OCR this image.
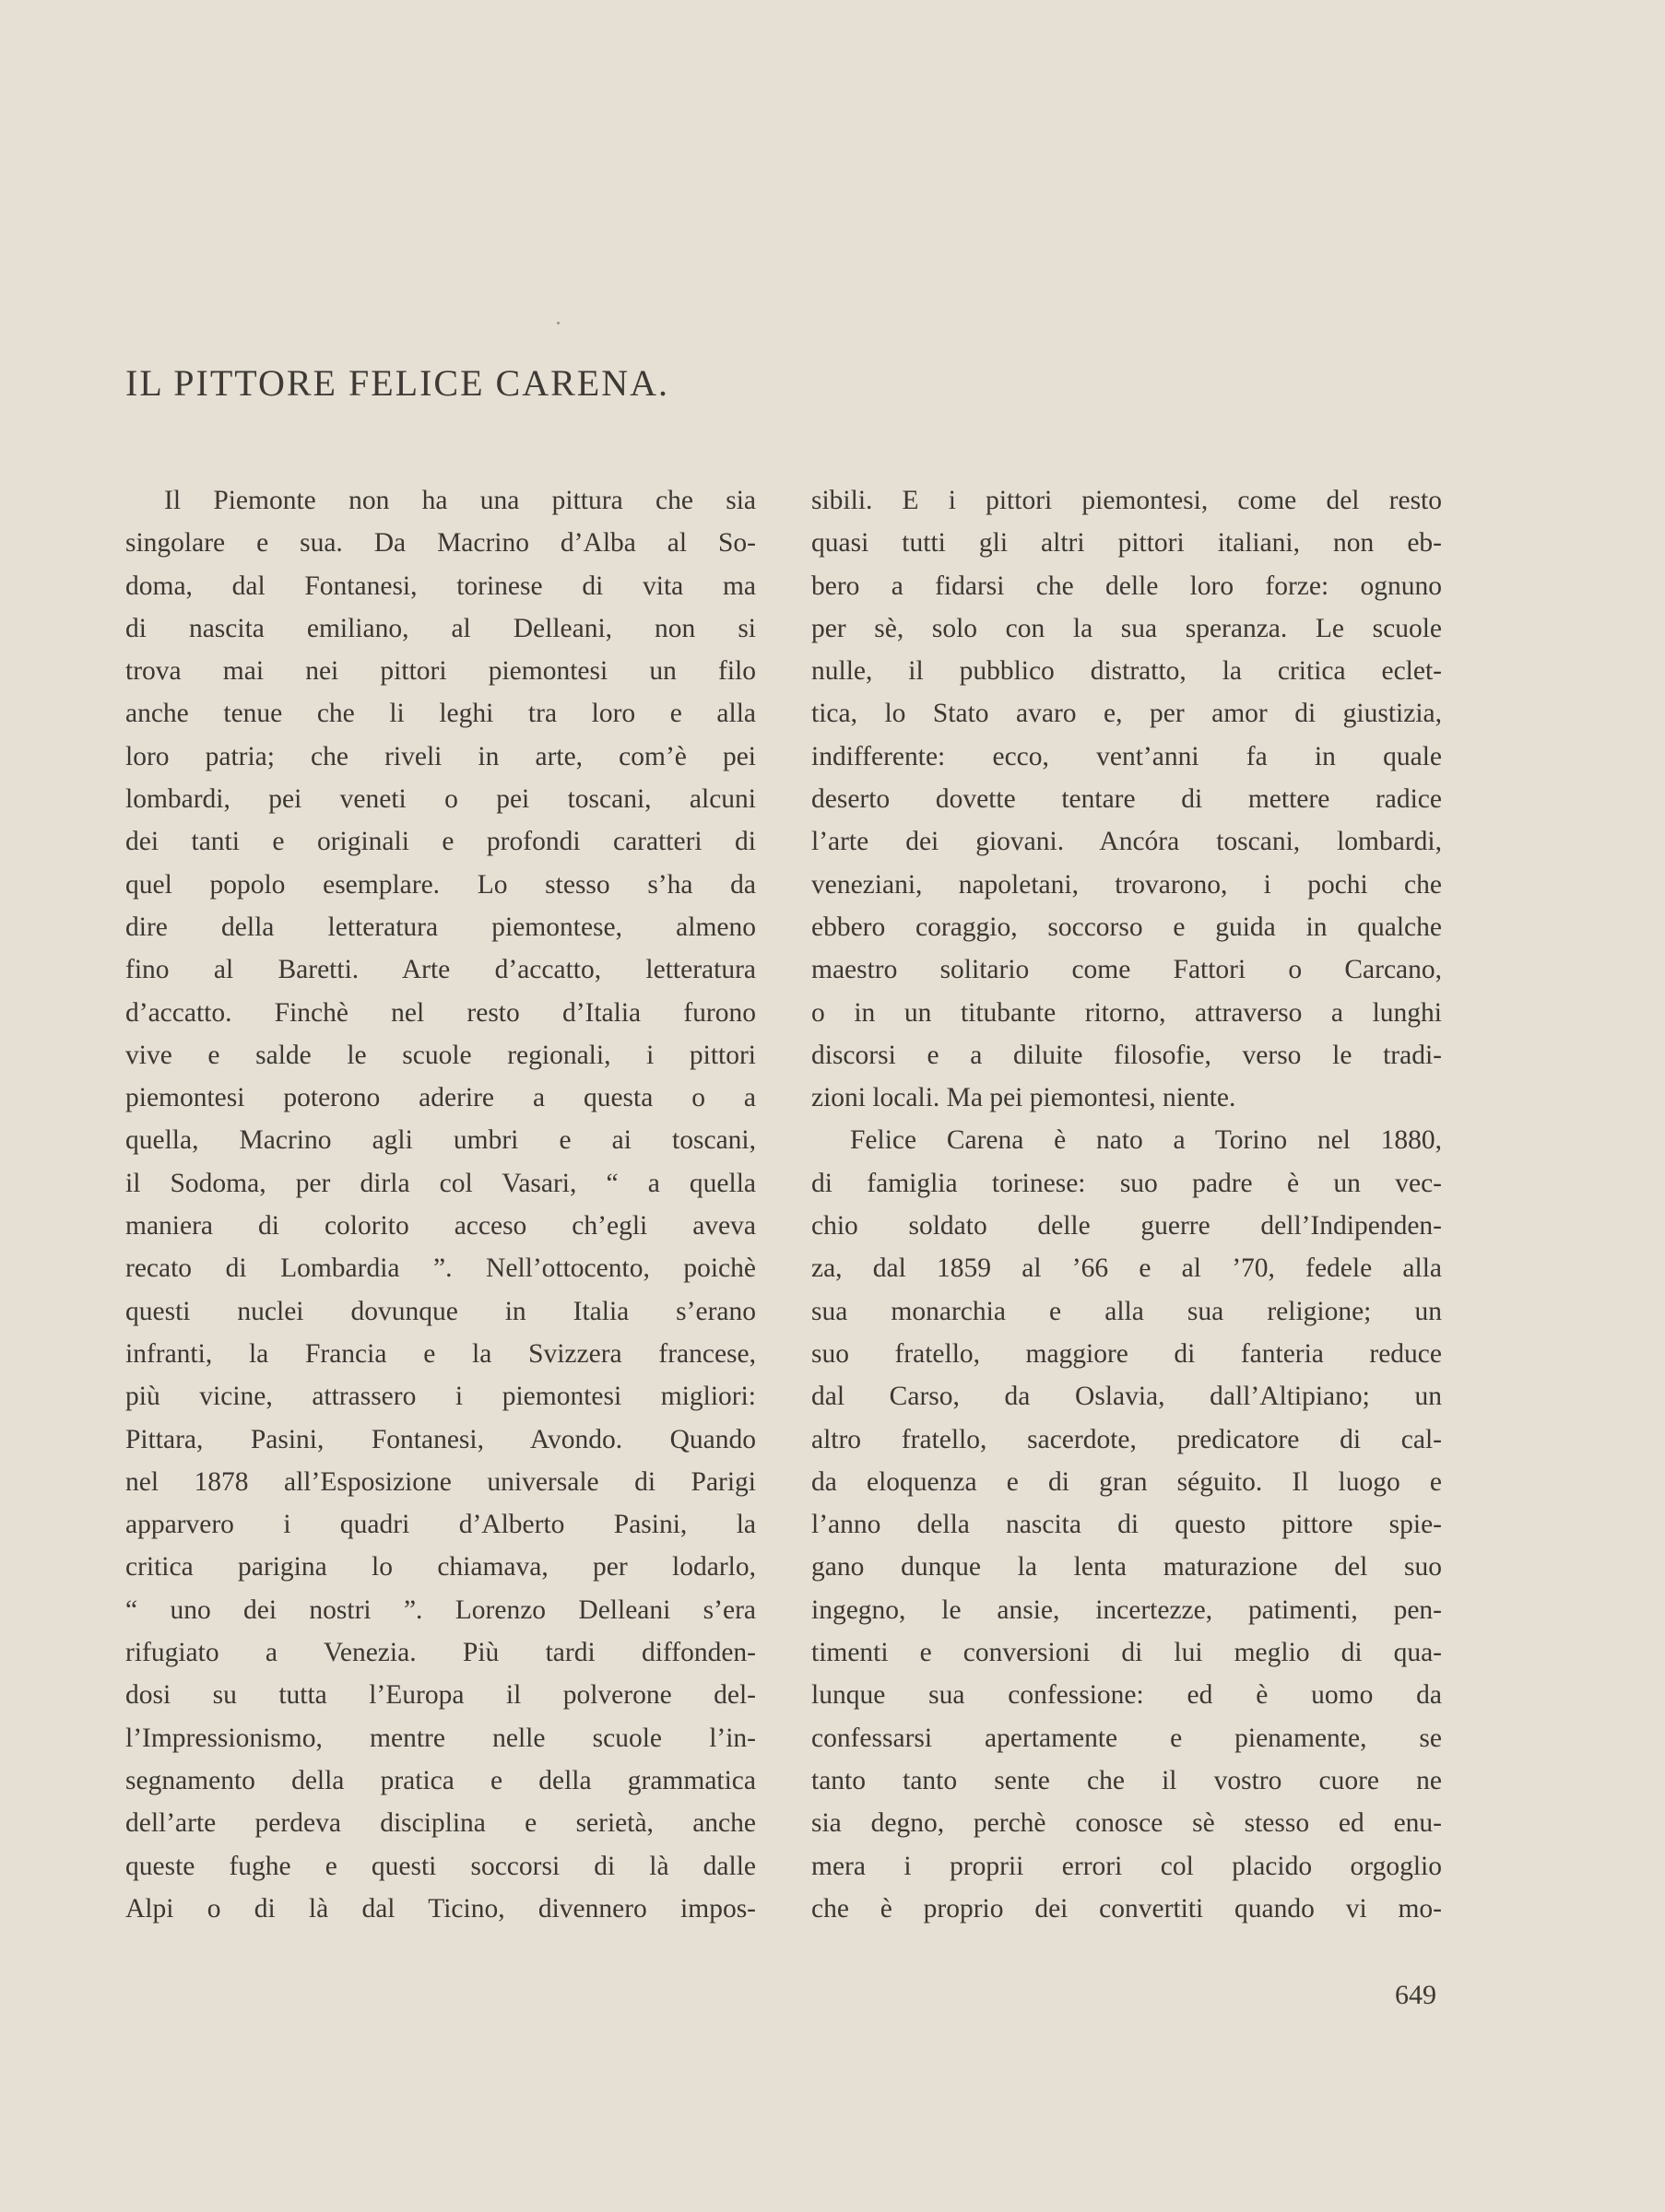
IL PITTORE FELICE CARENA.
Il Piemonte non ha una pittura che sia
singolare e sua. Da Macrino d’Alba al So-
doma, dal Fontanesi, torinese di vita ma
di nascita emiliano, al Delleani, non si
trova mai nei pittori piemontesi un filo
anche tenue che li leghi tra loro e alla
loro patria; che riveli in arte, com’è pei
lombardi, pei veneti o pei toscani, alcuni
dei tanti e originali e profondi caratteri di
quel popolo esemplare. Lo stesso s’ha da
dire della letteratura piemontese, almeno
fino al Baretti. Arte d’accatto, letteratura
d’accatto. Finchè nel resto d’Italia furono
vive e salde le scuole regionali, i pittori
piemontesi poterono aderire a questa o a
quella, Macrino agli umbri e ai toscani,
il Sodoma, per dirla col Vasari, “ a quella
maniera di colorito acceso ch’egli aveva
recato di Lombardia ”. Nell’ottocento, poichè
questi nuclei dovunque in Italia s’erano
infranti, la Francia e la Svizzera francese,
più vicine, attrassero i piemontesi migliori:
Pittara, Pasini, Fontanesi, Avondo. Quando
nel 1878 all’Esposizione universale di Parigi
apparvero i quadri d’Alberto Pasini, la
critica parigina lo chiamava, per lodarlo,
“ uno dei nostri ”. Lorenzo Delleani s’era
rifugiato a Venezia. Più tardi diffonden-
dosi su tutta l’Europa il polverone del-
l’Impressionismo, mentre nelle scuole l’in-
segnamento della pratica e della grammatica
dell’arte perdeva disciplina e serietà, anche
queste fughe e questi soccorsi di là dalle
Alpi o di là dal Ticino, divennero impos-
sibili. E i pittori piemontesi, come del resto
quasi tutti gli altri pittori italiani, non eb-
bero a fidarsi che delle loro forze: ognuno
per sè, solo con la sua speranza. Le scuole
nulle, il pubblico distratto, la critica eclet-
tica, lo Stato avaro e, per amor di giustizia,
indifferente: ecco, vent’anni fa in quale
deserto dovette tentare di mettere radice
l’arte dei giovani. Ancóra toscani, lombardi,
veneziani, napoletani, trovarono, i pochi che
ebbero coraggio, soccorso e guida in qualche
maestro solitario come Fattori o Carcano,
o in un titubante ritorno, attraverso a lunghi
discorsi e a diluite filosofie, verso le tradi-
zioni locali. Ma pei piemontesi, niente.
Felice Carena è nato a Torino nel 1880,
di famiglia torinese: suo padre è un vec-
chio soldato delle guerre dell’Indipenden-
za, dal 1859 al ’66 e al ’70, fedele alla
sua monarchia e alla sua religione; un
suo fratello, maggiore di fanteria reduce
dal Carso, da Oslavia, dall’Altipiano; un
altro fratello, sacerdote, predicatore di cal-
da eloquenza e di gran séguito. Il luogo e
l’anno della nascita di questo pittore spie-
gano dunque la lenta maturazione del suo
ingegno, le ansie, incertezze, patimenti, pen-
timenti e conversioni di lui meglio di qua-
lunque sua confessione: ed è uomo da
confessarsi apertamente e pienamente, se
tanto tanto sente che il vostro cuore ne
sia degno, perchè conosce sè stesso ed enu-
mera i proprii errori col placido orgoglio
che è proprio dei convertiti quando vi mo-
649
